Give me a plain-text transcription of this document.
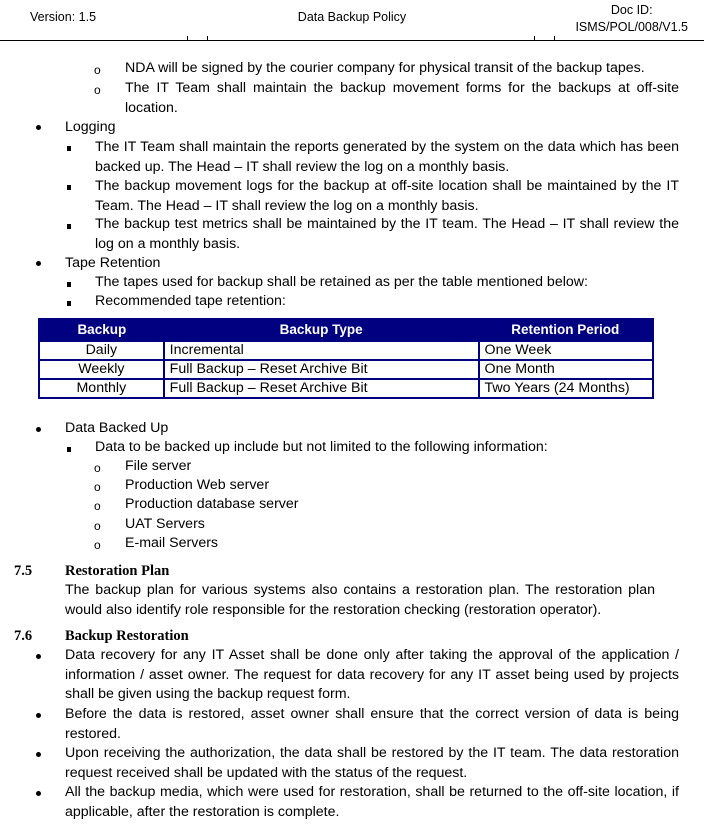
Version: 1.5	Data Backup Policy	Doc ID:
ISMS/POL/008/V1.5
o NDA will be signed by the courier company for physical transit of the backup tapes.
o The IT Team shall maintain the backup movement forms for the backups at off-site location.
Logging
The IT Team shall maintain the reports generated by the system on the data which has been backed up. The Head – IT shall review the log on a monthly basis.
The backup movement logs for the backup at off-site location shall be maintained by the IT Team. The Head – IT shall review the log on a monthly basis.
The backup test metrics shall be maintained by the IT team. The Head – IT shall review the log on a monthly basis.
Tape Retention
The tapes used for backup shall be retained as per the table mentioned below:
Recommended tape retention:
Backup	Backup Type	Retention Period
Daily	Incremental	One Week
Weekly	Full Backup – Reset Archive Bit	One Month
Monthly	Full Backup – Reset Archive Bit	Two Years (24 Months)
Data Backed Up
Data to be backed up include but not limited to the following information:
o File server
o Production Web server
o Production database server
o UAT Servers
o E-mail Servers
7.5 Restoration Plan
The backup plan for various systems also contains a restoration plan. The restoration plan would also identify role responsible for the restoration checking (restoration operator).
7.6 Backup Restoration
Data recovery for any IT Asset shall be done only after taking the approval of the application / information / asset owner. The request for data recovery for any IT asset being used by projects shall be given using the backup request form.
Before the data is restored, asset owner shall ensure that the correct version of data is being restored.
Upon receiving the authorization, the data shall be restored by the IT team. The data restoration request received shall be updated with the status of the request.
All the backup media, which were used for restoration, shall be returned to the off-site location, if applicable, after the restoration is complete.
